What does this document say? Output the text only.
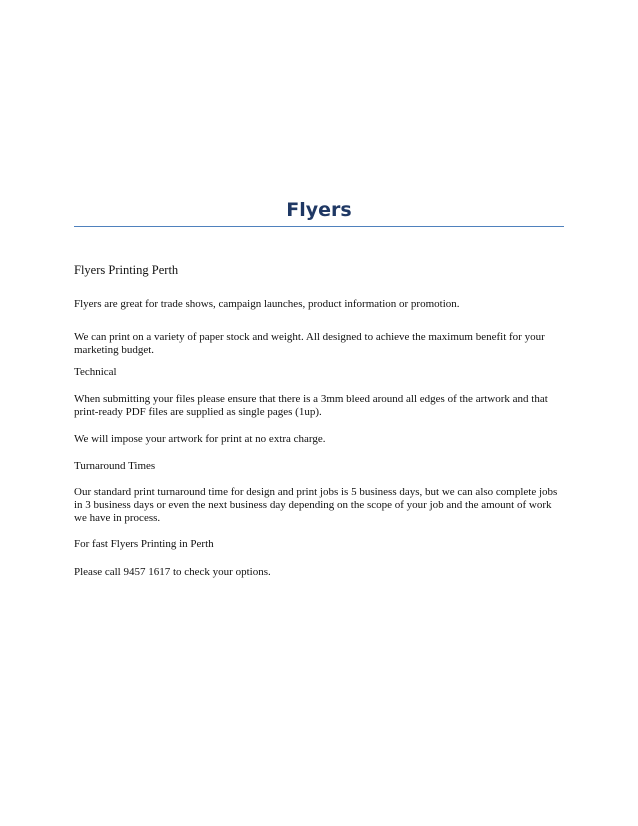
Flyers

Flyers Printing Perth

Flyers are great for trade shows, campaign launches, product information or promotion.

We can print on a variety of paper stock and weight. All designed to achieve the maximum benefit for your marketing budget.

Technical

When submitting your files please ensure that there is a 3mm bleed around all edges of the artwork and that print-ready PDF files are supplied as single pages (1up).

We will impose your artwork for print at no extra charge.

Turnaround Times

Our standard print turnaround time for design and print jobs is 5 business days, but we can also complete jobs in 3 business days or even the next business day depending on the scope of your job and the amount of work we have in process.

For fast Flyers Printing in Perth

Please call 9457 1617 to check your options.
